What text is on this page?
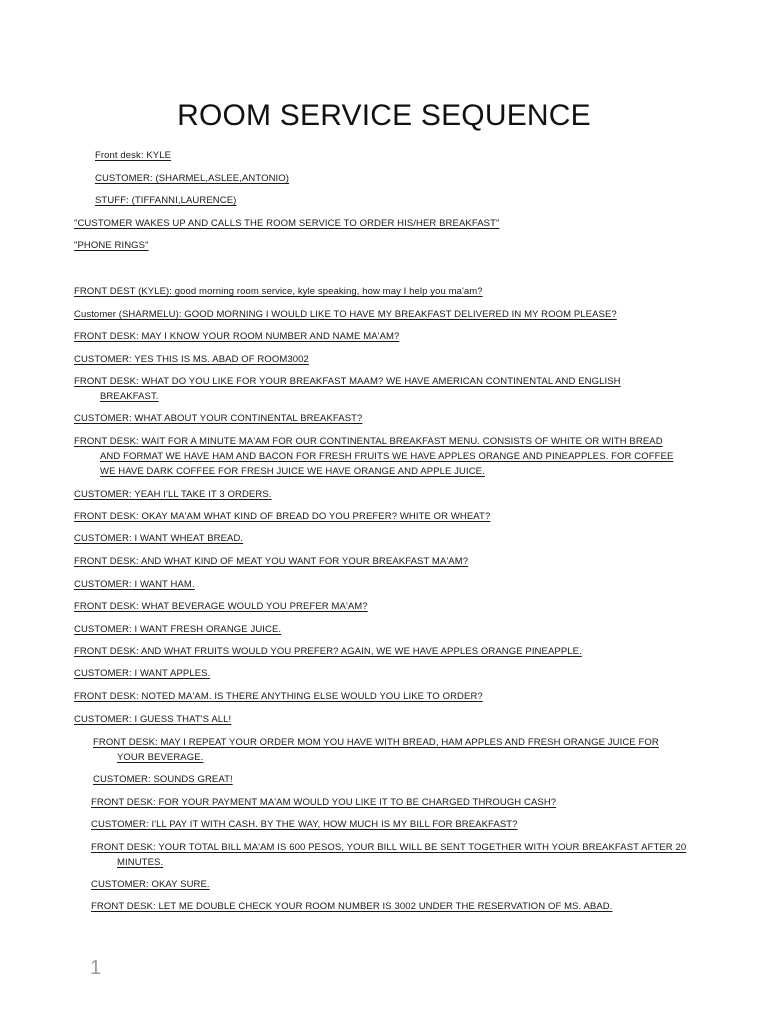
ROOM SERVICE SEQUENCE
Front desk: KYLE
CUSTOMER: (SHARMEL,ASLEE,ANTONIO)
STUFF: (TIFFANNI,LAURENCE)
"CUSTOMER WAKES UP AND CALLS THE ROOM SERVICE TO ORDER HIS/HER BREAKFAST"
"PHONE RINGS"
FRONT DEST (KYLE): good morning room service, kyle speaking, how may I help you ma'am?
Customer (SHARMELU): GOOD MORNING I WOULD LIKE TO HAVE MY BREAKFAST DELIVERED IN MY ROOM PLEASE?
FRONT DESK: MAY I KNOW YOUR ROOM NUMBER AND NAME MA'AM?
CUSTOMER: YES THIS IS MS. ABAD OF ROOM3002
FRONT DESK: WHAT DO YOU LIKE FOR YOUR BREAKFAST MAAM? WE HAVE AMERICAN CONTINENTAL AND ENGLISH
BREAKFAST.
CUSTOMER: WHAT ABOUT YOUR CONTINENTAL BREAKFAST?
FRONT DESK: WAIT FOR A MINUTE MA'AM FOR OUR CONTINENTAL BREAKFAST MENU. CONSISTS OF WHITE OR WITH BREAD
AND FORMAT WE HAVE HAM AND BACON FOR FRESH FRUITS WE HAVE APPLES ORANGE AND PINEAPPLES. FOR COFFEE
WE HAVE DARK COFFEE FOR FRESH JUICE WE HAVE ORANGE AND APPLE JUICE.
CUSTOMER: YEAH I'LL TAKE IT 3 ORDERS.
FRONT DESK: OKAY MA'AM WHAT KIND OF BREAD DO YOU PREFER? WHITE OR WHEAT?
CUSTOMER: I WANT WHEAT BREAD.
FRONT DESK: AND WHAT KIND OF MEAT YOU WANT FOR YOUR BREAKFAST MA'AM?
CUSTOMER: I WANT HAM.
FRONT DESK: WHAT BEVERAGE WOULD YOU PREFER MA'AM?
CUSTOMER: I WANT FRESH ORANGE JUICE.
FRONT DESK: AND WHAT FRUITS WOULD YOU PREFER? AGAIN, WE WE HAVE APPLES ORANGE PINEAPPLE.
CUSTOMER: I WANT APPLES.
FRONT DESK: NOTED MA'AM. IS THERE ANYTHING ELSE WOULD YOU LIKE TO ORDER?
CUSTOMER: I GUESS THAT'S ALL!
FRONT DESK: MAY I REPEAT YOUR ORDER MOM YOU HAVE WITH BREAD, HAM APPLES AND FRESH ORANGE JUICE FOR
YOUR BEVERAGE.
CUSTOMER: SOUNDS GREAT!
FRONT DESK: FOR YOUR PAYMENT MA'AM WOULD YOU LIKE IT TO BE CHARGED THROUGH CASH?
CUSTOMER: I'LL PAY IT WITH CASH. BY THE WAY, HOW MUCH IS MY BILL FOR BREAKFAST?
FRONT DESK: YOUR TOTAL BILL MA'AM IS 600 PESOS, YOUR BILL WILL BE SENT TOGETHER WITH YOUR BREAKFAST AFTER 20
MINUTES.
CUSTOMER: OKAY SURE.
FRONT DESK: LET ME DOUBLE CHECK YOUR ROOM NUMBER IS 3002 UNDER THE RESERVATION OF MS. ABAD.
1
